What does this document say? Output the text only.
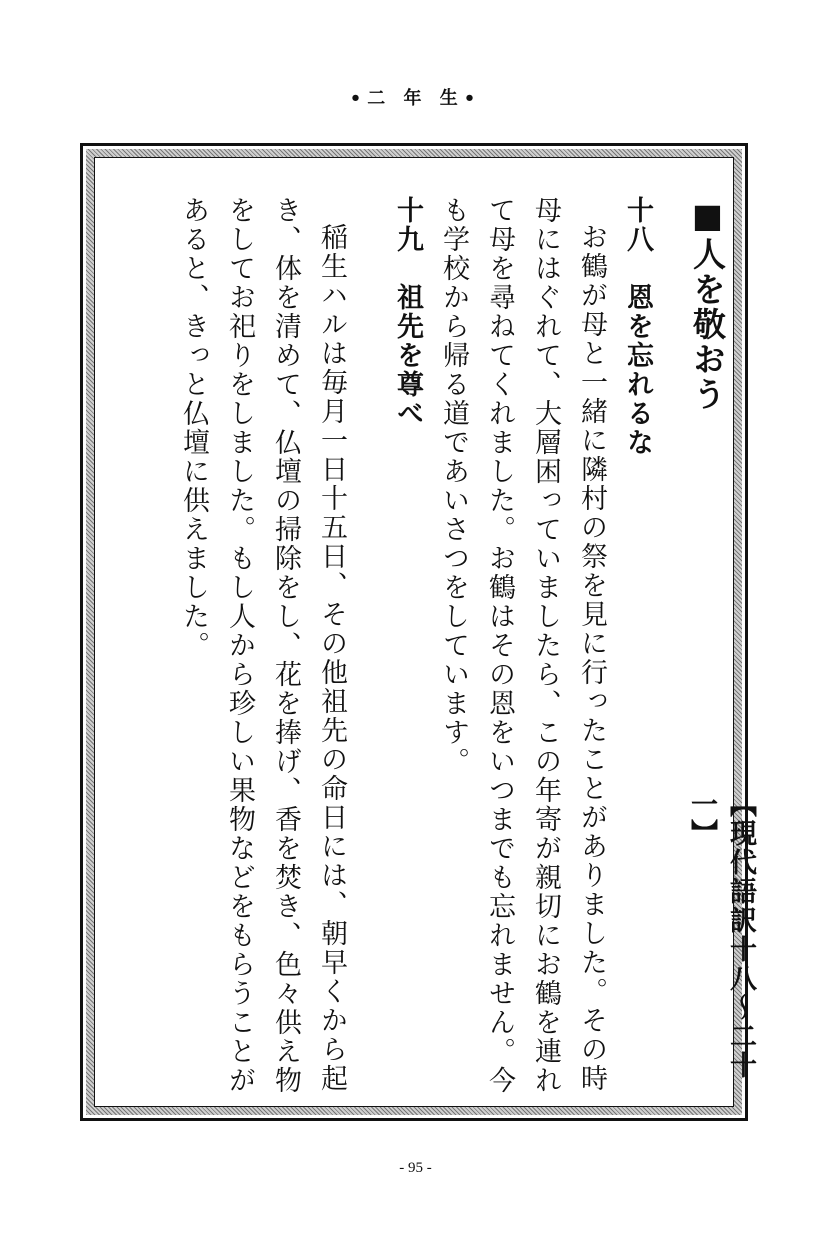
•二 年 生•
■人を敬おう
十八　恩を忘れるな
お鶴が母と一緒に隣村の祭を見に行ったことがありました。その時母にはぐれて、大層困っていましたら、この年寄が親切にお鶴を連れて母を尋ねてくれました。お鶴はその恩をいつまでも忘れません。今も学校から帰る道であいさつをしています。
十九　祖先を尊べ
稲生ハルは毎月一日十五日、その他祖先の命日には、朝早くから起き、体を清めて、仏壇の掃除をし、花を捧げ、香を焚き、色々供え物をしてお祀りをしました。もし人から珍しい果物などをもらうことがあると、きっと仏壇に供えました。
【現代語訳十八〜二十一】
- 95 -
